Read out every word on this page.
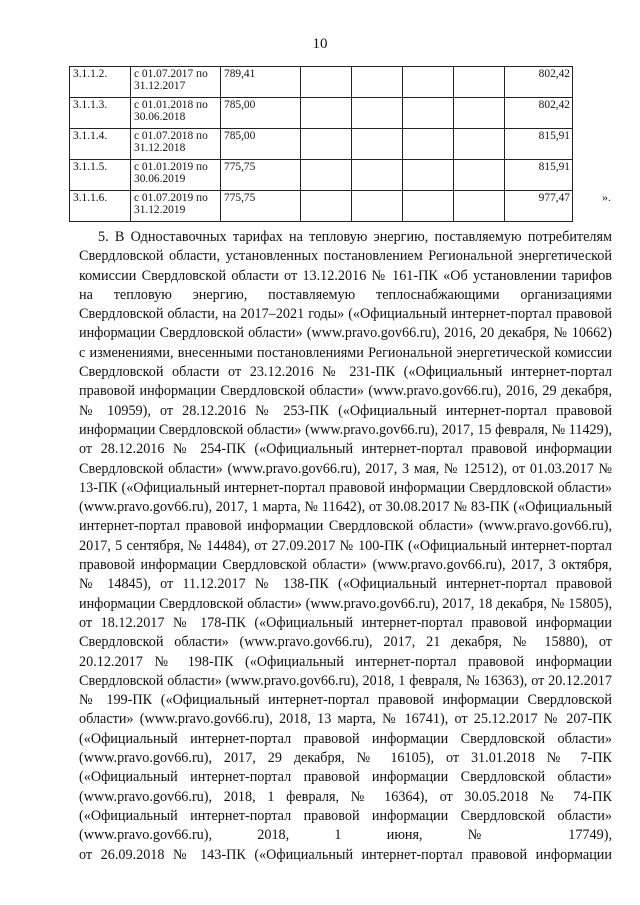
10
3.1.1.2.	с 01.07.2017 по 31.12.2017	789,41					802,42
3.1.1.3.	с 01.01.2018 по 30.06.2018	785,00					802,42
3.1.1.4.	с 01.07.2018 по 31.12.2018	785,00					815,91
3.1.1.5.	с 01.01.2019 по 30.06.2019	775,75					815,91
3.1.1.6.	с 01.07.2019 по 31.12.2019	775,75					977,47	».

5. В Одноставочных тарифах на тепловую энергию, поставляемую потребителям Свердловской области, установленных постановлением Региональной энергетической комиссии Свердловской области от 13.12.2016 № 161-ПК «Об установлении тарифов на тепловую энергию, поставляемую теплоснабжающими организациями Свердловской области, на 2017–2021 годы» («Официальный интернет-портал правовой информации Свердловской области» (www.pravo.gov66.ru), 2016, 20 декабря, № 10662) с изменениями, внесенными постановлениями Региональной энергетической комиссии Свердловской области от 23.12.2016 № 231-ПК («Официальный интернет-портал правовой информации Свердловской области» (www.pravo.gov66.ru), 2016, 29 декабря, № 10959), от 28.12.2016 № 253-ПК («Официальный интернет-портал правовой информации Свердловской области» (www.pravo.gov66.ru), 2017, 15 февраля, № 11429), от 28.12.2016 № 254-ПК («Официальный интернет-портал правовой информации Свердловской области» (www.pravo.gov66.ru), 2017, 3 мая, № 12512), от 01.03.2017 № 13-ПК («Официальный интернет-портал правовой информации Свердловской области» (www.pravo.gov66.ru), 2017, 1 марта, № 11642), от 30.08.2017 № 83-ПК («Официальный интернет-портал правовой информации Свердловской области» (www.pravo.gov66.ru), 2017, 5 сентября, № 14484), от 27.09.2017 № 100-ПК («Официальный интернет-портал правовой информации Свердловской области» (www.pravo.gov66.ru), 2017, 3 октября, № 14845), от 11.12.2017 № 138-ПК («Официальный интернет-портал правовой информации Свердловской области» (www.pravo.gov66.ru), 2017, 18 декабря, № 15805), от 18.12.2017 № 178-ПК («Официальный интернет-портал правовой информации Свердловской области» (www.pravo.gov66.ru), 2017, 21 декабря, № 15880), от 20.12.2017 № 198-ПК («Официальный интернет-портал правовой информации Свердловской области» (www.pravo.gov66.ru), 2018, 1 февраля, № 16363), от 20.12.2017 № 199-ПК («Официальный интернет-портал правовой информации Свердловской области» (www.pravo.gov66.ru), 2018, 13 марта, № 16741), от 25.12.2017 № 207-ПК («Официальный интернет-портал правовой информации Свердловской области» (www.pravo.gov66.ru), 2017, 29 декабря, № 16105), от 31.01.2018 № 7-ПК («Официальный интернет-портал правовой информации Свердловской области» (www.pravo.gov66.ru), 2018, 1 февраля, № 16364), от 30.05.2018 № 74-ПК («Официальный интернет-портал правовой информации Свердловской области» (www.pravo.gov66.ru), 2018, 1 июня, № 17749),

от 26.09.2018 № 143-ПК («Официальный интернет-портал правовой информации
